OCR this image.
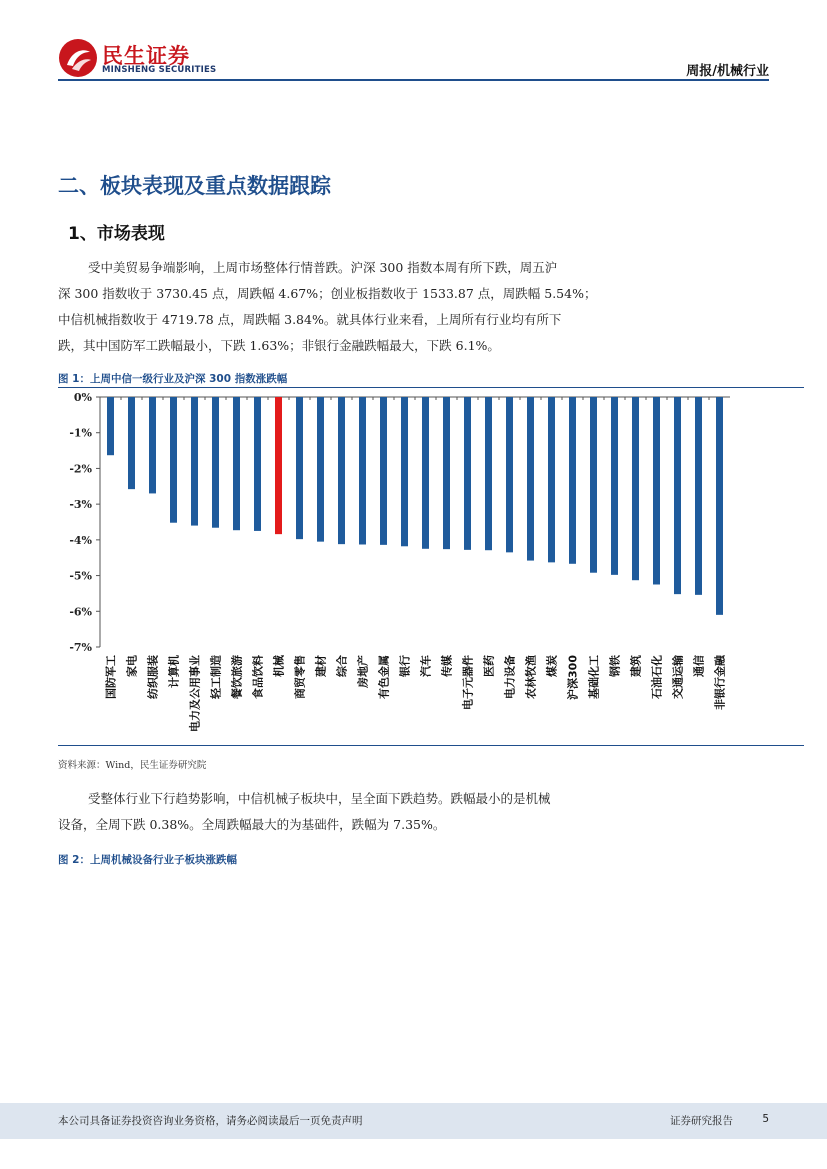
民生证券
MINSHENG SECURITIES	周报/机械行业
二、板块表现及重点数据跟踪
1、市场表现
受中美贸易争端影响，上周市场整体行情普跌。沪深 300 指数本周有所下跌，周五沪
深 300 指数收于 3730.45 点，周跌幅 4.67%；创业板指数收于 1533.87 点，周跌幅 5.54%；
中信机械指数收于 4719.78 点，周跌幅 3.84%。就具体行业来看，上周所有行业均有所下
跌，其中国防军工跌幅最小，下跌 1.63%；非银行金融跌幅最大，下跌 6.1%。
图 1：上周中信一级行业及沪深 300 指数涨跌幅
0%
-1%
-2%
-3%
-4%
-5%
-6%
-7%
国防军工 家电 纺织服装 计算机 电力及公用事业 轻工制造 餐饮旅游 食品饮料 机械 商贸零售 建材 综合 房地产 有色金属 银行 汽车 传媒 电子元器件 医药 电力设备 农林牧渔 煤炭 沪深300 基础化工 钢铁 建筑 石油石化 交通运输 通信 非银行金融
资料来源：Wind，民生证券研究院
受整体行业下行趋势影响，中信机械子板块中，呈全面下跌趋势。跌幅最小的是机械
设备，全周下跌 0.38%。全周跌幅最大的为基础件，跌幅为 7.35%。
图 2：上周机械设备行业子板块涨跌幅
本公司具备证券投资咨询业务资格，请务必阅读最后一页免责声明	证券研究报告	5
